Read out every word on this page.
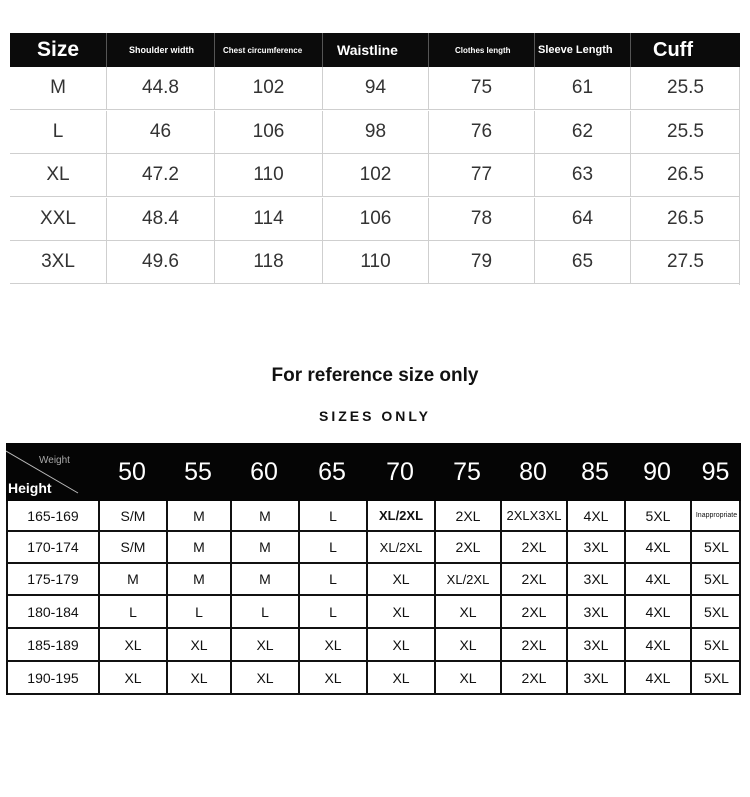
Size	Shoulder width	Chest circumference	Waistline	Clothes length	Sleeve Length	Cuff
M	44.8	102	94	75	61	25.5
L	46	106	98	76	62	25.5
XL	47.2	110	102	77	63	26.5
XXL	48.4	114	106	78	64	26.5
3XL	49.6	118	110	79	65	27.5
For reference size only
SIZES ONLY
Weight
Height
50	55	60	65	70	75	80	85	90	95
165-169	S/M	M	M	L	XL/2XL	2XL	2XLX3XL	4XL	5XL	Inappropriate
170-174	S/M	M	M	L	XL/2XL	2XL	2XL	3XL	4XL	5XL
175-179	M	M	M	L	XL	XL/2XL	2XL	3XL	4XL	5XL
180-184	L	L	L	L	XL	XL	2XL	3XL	4XL	5XL
185-189	XL	XL	XL	XL	XL	XL	2XL	3XL	4XL	5XL
190-195	XL	XL	XL	XL	XL	XL	2XL	3XL	4XL	5XL
